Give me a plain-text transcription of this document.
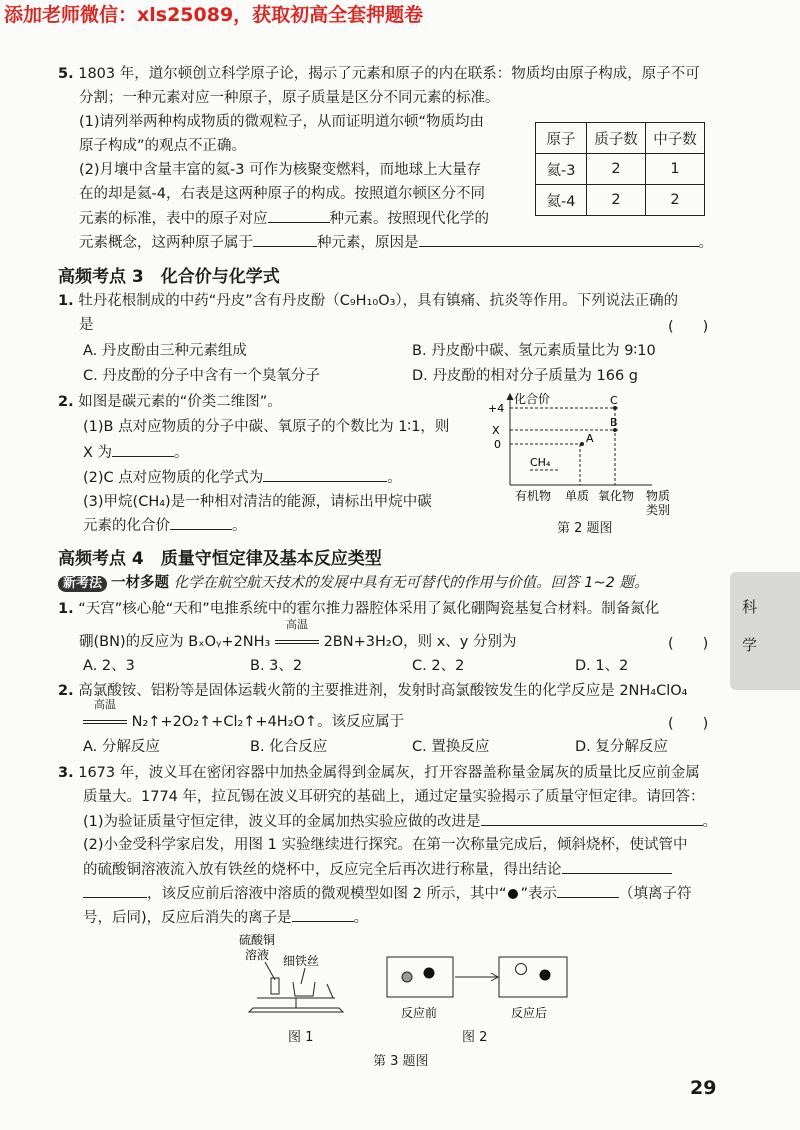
添加老师微信：xls25089，获取初高全套押题卷
5. 1803 年，道尔顿创立科学原子论，揭示了元素和原子的内在联系：物质均由原子构成，原子不可
分割；一种元素对应一种原子，原子质量是区分不同元素的标准。
(1)请列举两种构成物质的微观粒子，从而证明道尔顿“物质均由
原子构成”的观点不正确。
(2)月壤中含量丰富的氦-3 可作为核聚变燃料，而地球上大量存
在的却是氦-4，右表是这两种原子的构成。按照道尔顿区分不同
元素的标准，表中的原子对应	种元素。按照现代化学的
元素概念，这两种原子属于	种元素，原因是	。
原子	质子数	中子数
氦-3	2	1
氦-4	2	2
高频考点 3　化合价与化学式
1. 牡丹花根制成的中药“丹皮”含有丹皮酚（C₉H₁₀O₃），具有镇痛、抗炎等作用。下列说法正确的
是	(　　)
A. 丹皮酚由三种元素组成	B. 丹皮酚中碳、氢元素质量比为 9∶10
C. 丹皮酚的分子中含有一个臭氧分子	D. 丹皮酚的相对分子质量为 166 g
2. 如图是碳元素的“价类二维图”。
(1)B 点对应物质的分子中碳、氧原子的个数比为 1∶1，则
X 为	。
(2)C 点对应物质的化学式为	。
(3)甲烷(CH₄)是一种相对清洁的能源，请标出甲烷中碳
元素的化合价	。
化合价
+4
X
0
C
B
A
CH₄
有机物 单质 氧化物 物质
类别
第 2 题图
高频考点 4　质量守恒定律及基本反应类型
新考法 一材多题 化学在航空航天技术的发展中具有无可替代的作用与价值。回答 1~2 题。
1. “天宫”核心舱“天和”电推系统中的霍尔推力器腔体采用了氮化硼陶瓷基复合材料。制备氮化
硼(BN)的反应为 BₓOᵧ+2NH₃
高温
2BN+3H₂O，则 x、y 分别为	(　　)
A. 2、3	B. 3、2	C. 2、2	D. 1、2
2. 高氯酸铵、铝粉等是固体运载火箭的主要推进剂，发射时高氯酸铵发生的化学反应是 2NH₄ClO₄
高温
N₂↑+2O₂↑+Cl₂↑+4H₂O↑。该反应属于	(　　)
A. 分解反应	B. 化合反应	C. 置换反应	D. 复分解反应
3. 1673 年，波义耳在密闭容器中加热金属得到金属灰，打开容器盖称量金属灰的质量比反应前金属
质量大。1774 年，拉瓦锡在波义耳研究的基础上，通过定量实验揭示了质量守恒定律。请回答：
(1)为验证质量守恒定律，波义耳的金属加热实验应做的改进是	。
(2)小金受科学家启发，用图 1 实验继续进行探究。在第一次称量完成后，倾斜烧杯，使试管中
的硫酸铜溶液流入放有铁丝的烧杯中，反应完全后再次进行称量，得出结论
，该反应前后溶液中溶质的微观模型如图 2 所示，其中“ ”表示	（填离子符
号，后同)，反应后消失的离子是	。
硫酸铜
溶液 细铁丝
图 1
反应前	反应后
图 2
第 3 题图
科
学
29
